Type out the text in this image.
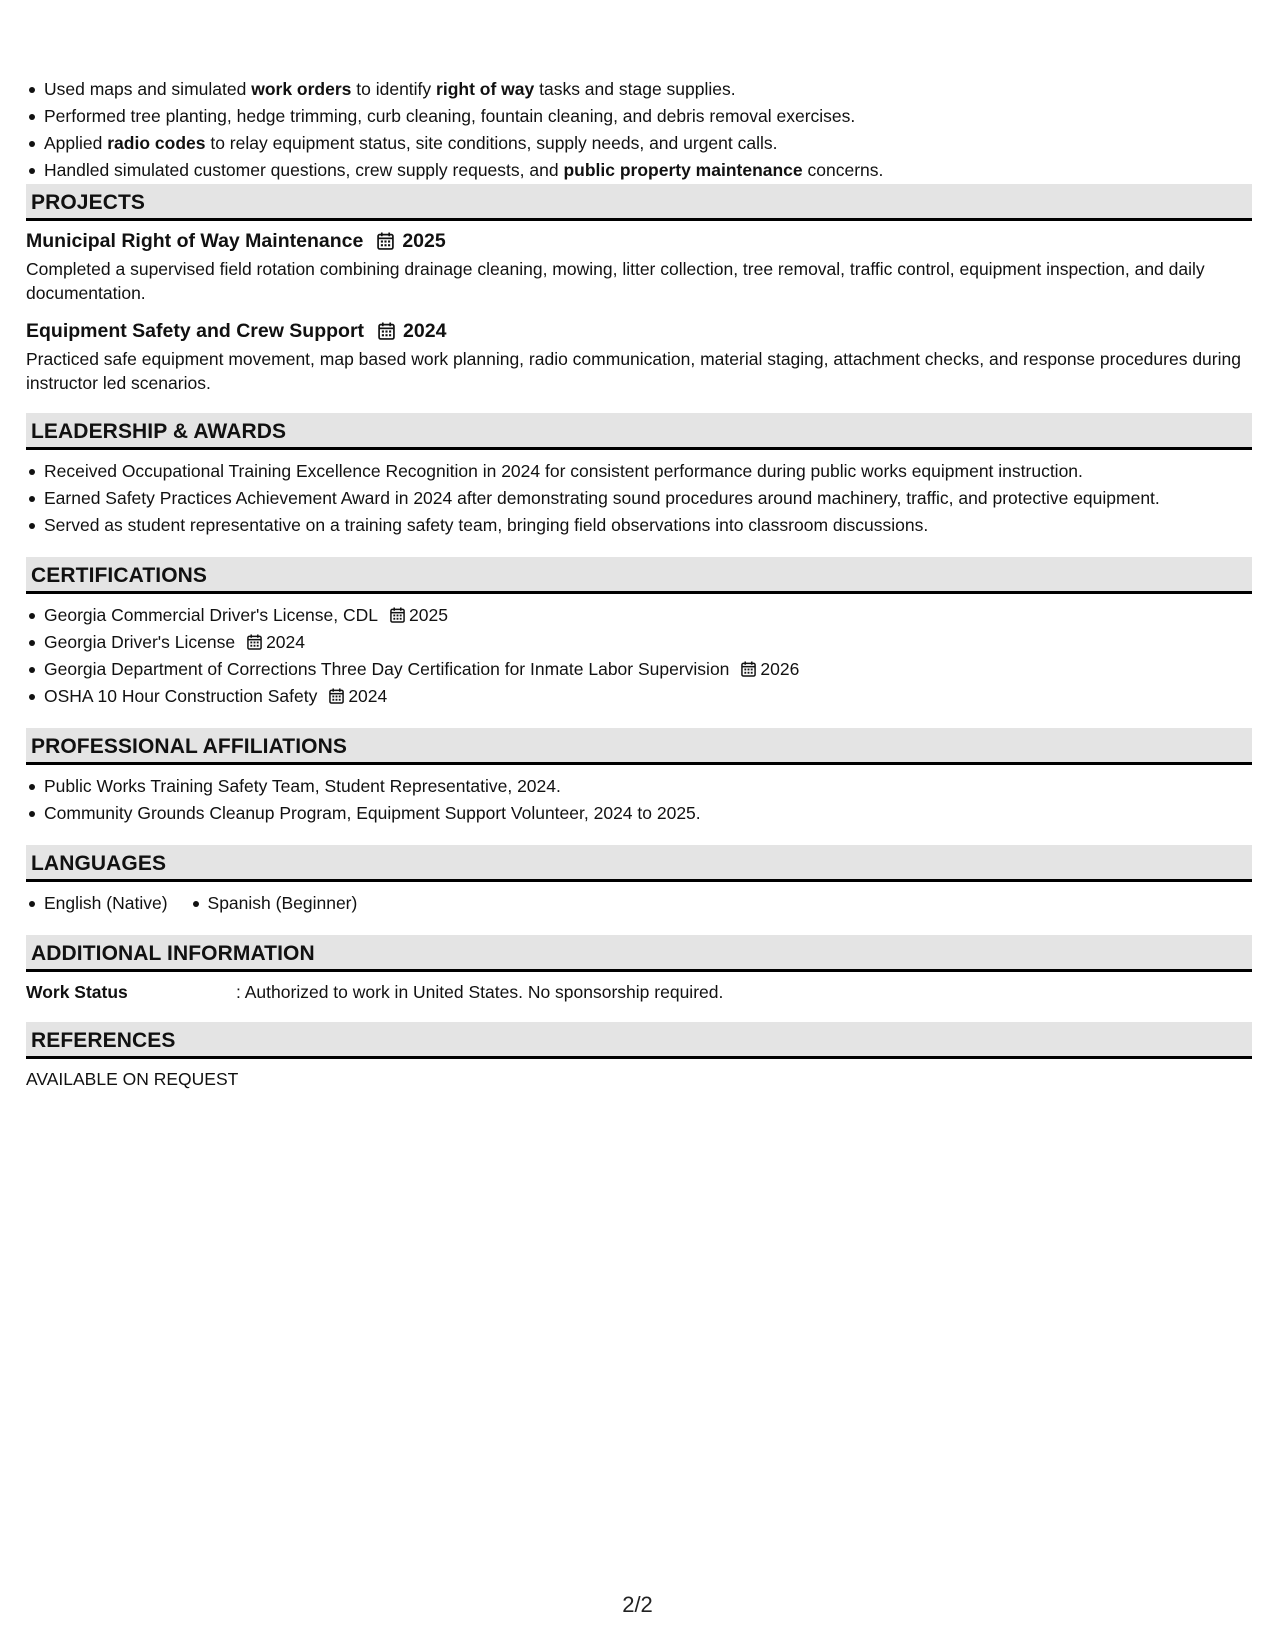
Used maps and simulated work orders to identify right of way tasks and stage supplies.
Performed tree planting, hedge trimming, curb cleaning, fountain cleaning, and debris removal exercises.
Applied radio codes to relay equipment status, site conditions, supply needs, and urgent calls.
Handled simulated customer questions, crew supply requests, and public property maintenance concerns.
PROJECTS
Municipal Right of Way Maintenance 2025
Completed a supervised field rotation combining drainage cleaning, mowing, litter collection, tree removal, traffic control, equipment inspection, and daily documentation.
Equipment Safety and Crew Support 2024
Practiced safe equipment movement, map based work planning, radio communication, material staging, attachment checks, and response procedures during instructor led scenarios.
LEADERSHIP & AWARDS
Received Occupational Training Excellence Recognition in 2024 for consistent performance during public works equipment instruction.
Earned Safety Practices Achievement Award in 2024 after demonstrating sound procedures around machinery, traffic, and protective equipment.
Served as student representative on a training safety team, bringing field observations into classroom discussions.
CERTIFICATIONS
Georgia Commercial Driver's License, CDL 2025
Georgia Driver's License 2024
Georgia Department of Corrections Three Day Certification for Inmate Labor Supervision 2026
OSHA 10 Hour Construction Safety 2024
PROFESSIONAL AFFILIATIONS
Public Works Training Safety Team, Student Representative, 2024.
Community Grounds Cleanup Program, Equipment Support Volunteer, 2024 to 2025.
LANGUAGES
English (Native) Spanish (Beginner)
ADDITIONAL INFORMATION
Work Status	: Authorized to work in United States. No sponsorship required.
REFERENCES
AVAILABLE ON REQUEST
2/2
